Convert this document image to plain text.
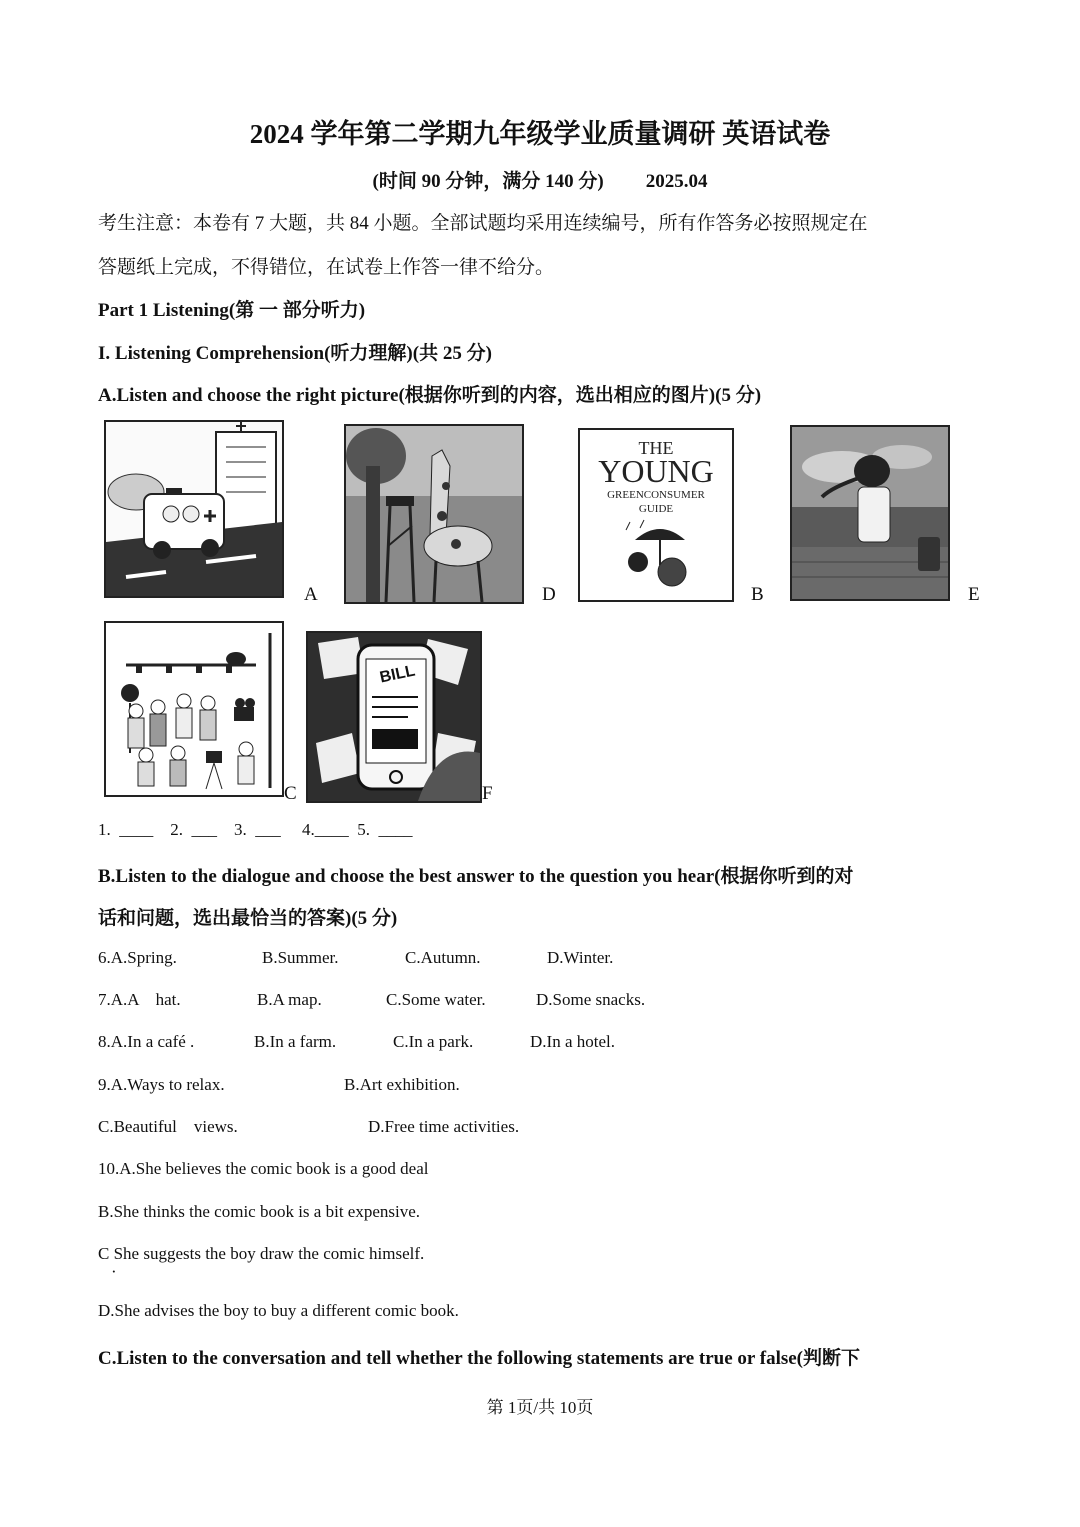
2024 学年第二学期九年级学业质量调研 英语试卷
(时间 90 分钟，满分 140 分) 2025.04
考生注意：本卷有 7 大题，共 84 小题。全部试题均采用连续编号，所有作答务必按照规定在
答题纸上完成，不得错位，在试卷上作答一律不给分。
Part 1 Listening(第 一 部分听力)
I. Listening Comprehension(听力理解)(共 25 分)
A.Listen and choose the right picture(根据你听到的内容，选出相应的图片)(5 分)
A	D
THE
YOUNG
GREENCONSUMER
GUIDE
B	E
C
BILL
F
1.  ____    2.  ___    3.  ___     4.____  5.  ____
B.Listen to the dialogue and choose the best answer to the question you hear(根据你听到的对
话和问题，选出最恰当的答案)(5 分)
6.A.Spring.	B.Summer.	C.Autumn.	D.Winter.
7.A.A    hat.	B.A map.	C.Some water.	D.Some snacks.
8.A.In a café .	B.In a farm.	C.In a park.	D.In a hotel.
9.A.Ways to relax.	B.Art exhibition.
C.Beautiful    views.	D.Free time activities.
10.A.She believes the comic book is a good deal
B.She thinks the comic book is a bit expensive.
C She suggests the boy draw the comic himself.
·
D.She advises the boy to buy a different comic book.
C.Listen to the conversation and tell whether the following statements are true or false(判断下
第 1页/共 10页
